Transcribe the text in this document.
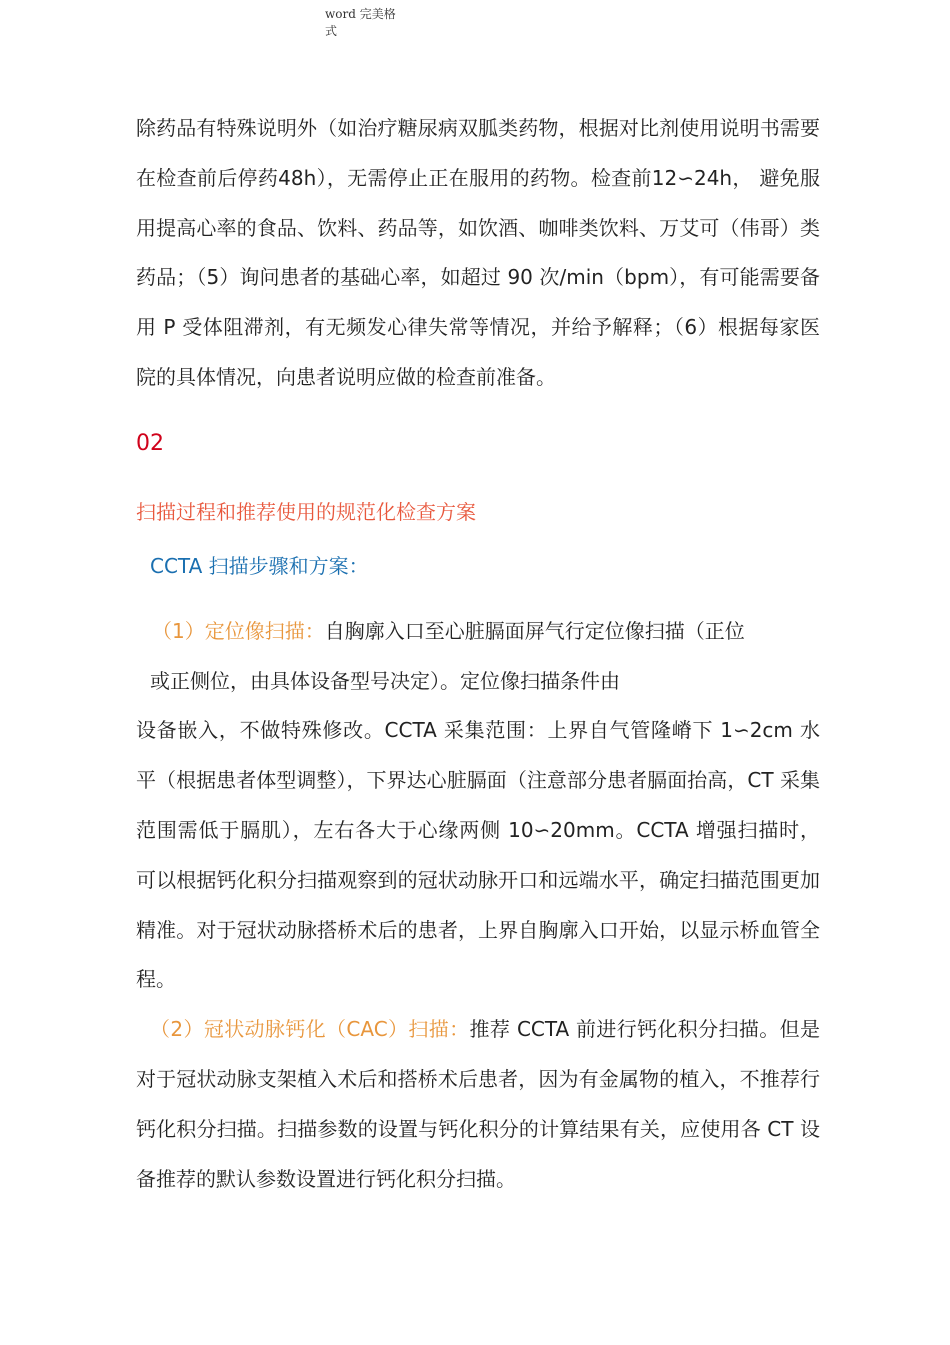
word 完美格
式

除药品有特殊说明外（如治疗糖尿病双胍类药物，根据对比剂使用说明书需要在检查前后停药48h），无需停止正在服用的药物。检查前12∽24h， 避免服用提高心率的食品、饮料、药品等，如饮酒、咖啡类饮料、万艾可（伟哥）类药品；（5）询问患者的基础心率，如超过 90 次/min（bpm），有可能需要备用 P 受体阻滞剂，有无频发心律失常等情况，并给予解释；（6）根据每家医院的具体情况，向患者说明应做的检查前准备。

02
扫描过程和推荐使用的规范化检查方案
CCTA 扫描步骤和方案：

（1）定位像扫描：自胸廓入口至心脏膈面屏气行定位像扫描（正位

或正侧位，由具体设备型号决定）。定位像扫描条件由

设备嵌入，不做特殊修改。CCTA 采集范围：上界自气管隆嵴下 1∽2cm 水平（根据患者体型调整），下界达心脏膈面（注意部分患者膈面抬高，CT 采集范围需低于膈肌），左右各大于心缘两侧 10∽20mm。CCTA 增强扫描时， 可以根据钙化积分扫描观察到的冠状动脉开口和远端水平，确定扫描范围更加精准。对于冠状动脉搭桥术后的患者，上界自胸廓入口开始，以显示桥血管全程。

（2）冠状动脉钙化（CAC）扫描：推荐 CCTA 前进行钙化积分扫描。但是对于冠状动脉支架植入术后和搭桥术后患者，因为有金属物的植入，不推荐行钙化积分扫描。扫描参数的设置与钙化积分的计算结果有关，应使用各 CT 设备推荐的默认参数设置进行钙化积分扫描。
